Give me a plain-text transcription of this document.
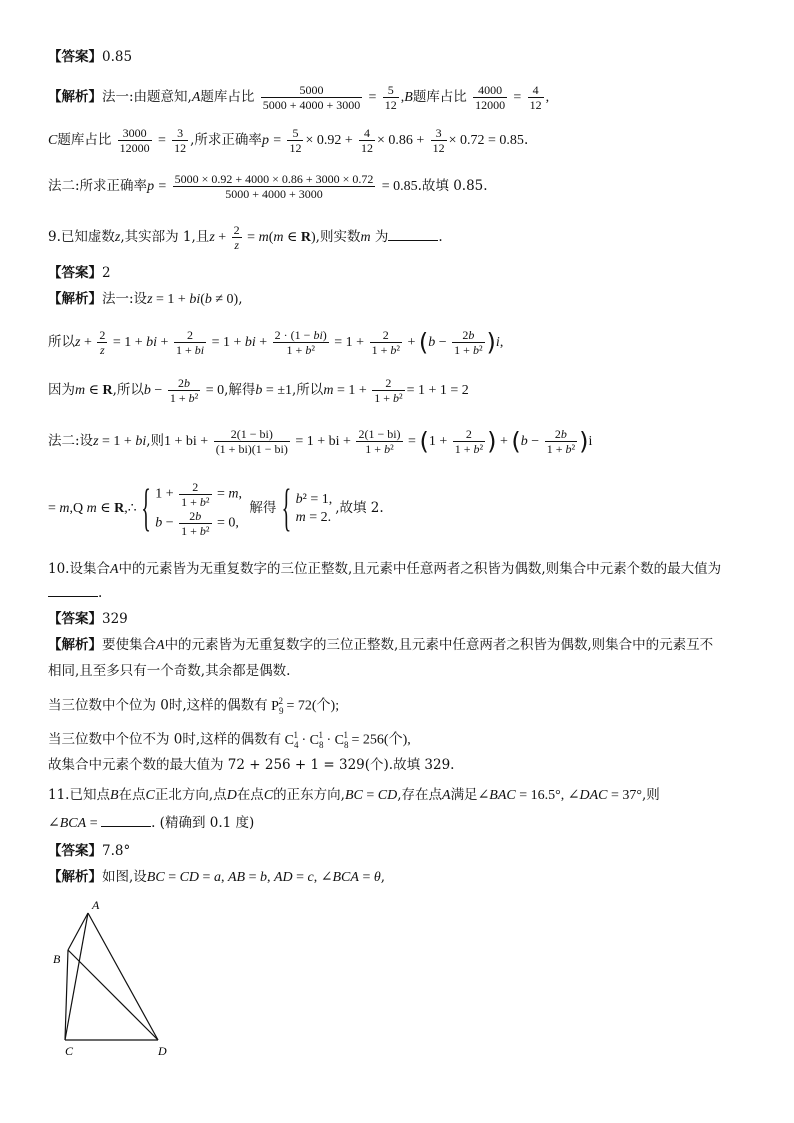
【答案】0.85
【解析】法一:由题意知,A题库占比 $\frac{5000}{5000 + 4000 + 3000} = \frac{5}{12} ,B$题库占比 $\frac{4000}{12000} = \frac{4}{12}$ ,
C题库占比 $\frac{3000}{12000} = \frac{3}{12}$ ,所求正确率$p = \frac{5}{12} \times 0.92 + \frac{4}{12} \times 0.86 + \frac{3}{12} \times 0.72 = 0.85$.
法二:所求正确率$p = \frac{5000 \times 0.92 + 4000 \times 0.86 + 3000 \times 0.72}{5000 + 4000 + 3000} = 0.85$.故填 0.85.
9.已知虚数z,其实部为 1,且$z + \frac{2}{z} = m(m$ ∈ R),则实数m 为	.
【答案】2
【解析】法一:设z = 1 + bi(b ≠ 0),
所以$z + \frac{2}{z} = 1$ + bi + $\frac{2}{1 + bi} = 1$ + bi + $\frac{2 \cdot (1 - bi)}{\text{1 + b²}} = 1 + \frac{2}{\text{1 + b²}} + (b - \frac{2b}{\text{1 + b²}} )i$,
因为m ∈ R,所以$b - \frac{2b}{\text{1 + b²}} = 0$,解得b = ±1,所以$m = 1 + \frac{2}{\text{1 + b²}} = 1 + 1 = 2$
法二:设z = 1 + bi,则1 + bi + $\frac{2(1 - bi)}{(1 + bi)(1 - bi)} = 1$ + bi + $\frac{2(1 - bi)}{\text{1 + b²}} = (1 + \frac{2}{\text{1 + b²}}$ ) + $(b - \frac{2b}{\text{1 + b²}} )i$
= m,Q m ∈ R,∴
{ $1 + \frac{2}{\text{1 + b²}} = m$,
$b - \frac{2b}{\text{1 + b²}} = 0$,
解得
{ b² = 1,
m = 2.
,故填 2.
10.设集合A中的元素皆为无重复数字的三位正整数,且元素中任意两者之积皆为偶数,则集合中元素个数的最大值为
.
【答案】329
【解析】要使集合A中的元素皆为无重复数字的三位正整数,且元素中任意两者之积皆为偶数,则集合中的元素互不
相同,且至多只有一个奇数,其余都是偶数.
当三位数中个位为 0时,这样的偶数有 $P_9^2 = 72$(个);
当三位数中个位不为 0时,这样的偶数有 $C_4^1 \cdot C_8^1 \cdot C_8^1 = 256$(个),
故集合中元素个数的最大值为 72 + 256 + 1 = 329(个).故填 329.
11.已知点B在点C正北方向,点D在点C的正东方向,BC = CD,存在点A满足∠BAC = 16.5°, ∠DAC = 37°,则
∠BCA =	. (精确到 0.1 度)
【答案】7.8°
【解析】如图,设BC = CD = a, AB = b, AD = c, ∠BCA = θ,
A
B
C	D
